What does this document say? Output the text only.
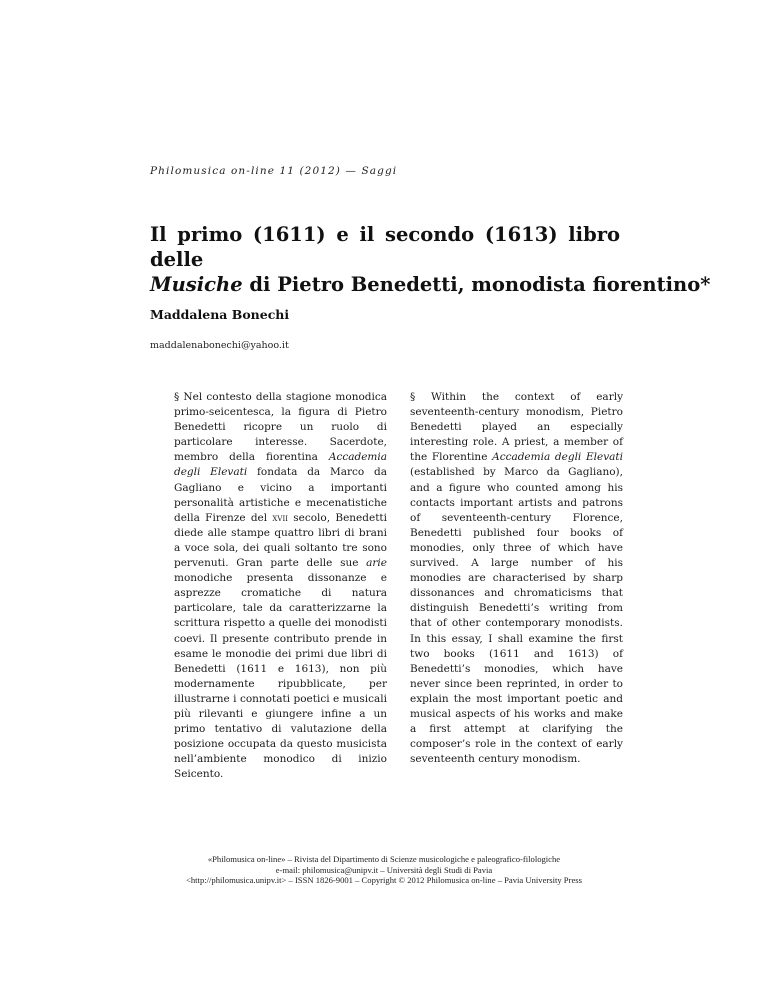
Philomusica on-line 11 (2012) — Saggi
Il primo (1611) e il secondo (1613) libro delle
Musiche di Pietro Benedetti, monodista fiorentino*
Maddalena Bonechi
maddalenabonechi@yahoo.it

§ Nel contesto della stagione monodica primo-seicentesca, la figura di Pietro Benedetti ricopre un ruolo di particolare interesse. Sacerdote, membro della fiorentina Accademia degli Elevati fondata da Marco da Gagliano e vicino a importanti personalità artistiche e mecenatistiche della Firenze del xvii secolo, Benedetti diede alle stampe quattro libri di brani a voce sola, dei quali soltanto tre sono pervenuti. Gran parte delle sue arie monodiche presenta dissonanze e asprezze cromatiche di natura particolare, tale da caratterizzarne la scrittura rispetto a quelle dei monodisti coevi. Il presente contributo prende in esame le monodie dei primi due libri di Benedetti (1611 e 1613), non più modernamente ripubblicate, per illustrarne i connotati poetici e musicali più rilevanti e giungere infine a un primo tentativo di valutazione della posizione occupata da questo musicista nell’ambiente monodico di inizio Seicento.

§ Within the context of early seventeenth-century monodism, Pietro Benedetti played an especially interesting role. A priest, a member of the Florentine Accademia degli Elevati (established by Marco da Gagliano), and a figure who counted among his contacts important artists and patrons of seventeenth-century Florence, Benedetti published four books of monodies, only three of which have survived. A large number of his monodies are characterised by sharp dissonances and chromaticisms that distinguish Benedetti’s writing from that of other contemporary monodists. In this essay, I shall examine the first two books (1611 and 1613) of Benedetti’s monodies, which have never since been reprinted, in order to explain the most important poetic and musical aspects of his works and make a first attempt at clarifying the composer’s role in the context of early seventeenth century monodism.

«Philomusica on-line» – Rivista del Dipartimento di Scienze musicologiche e paleografico-filologiche
e-mail: philomusica@unipv.it – Università degli Studi di Pavia
<http://philomusica.unipv.it> – ISSN 1826-9001 – Copyright © 2012 Philomusica on-line – Pavia University Press
